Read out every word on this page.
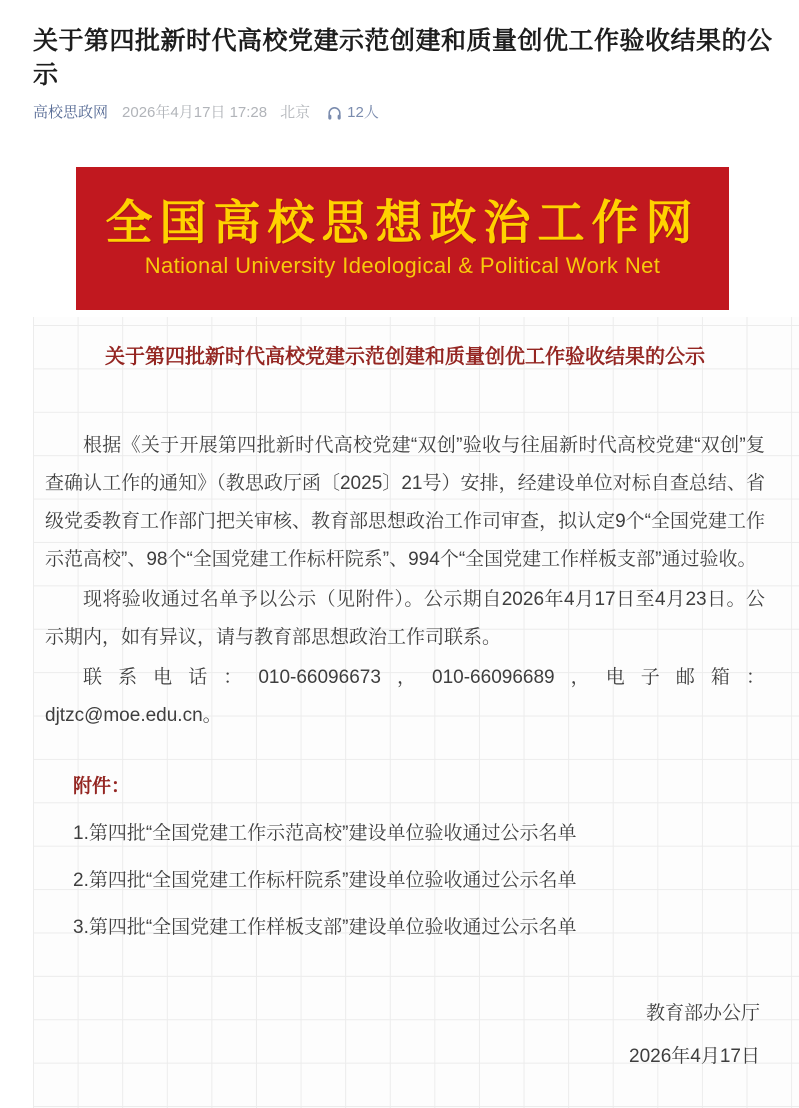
关于第四批新时代高校党建示范创建和质量创优工作验收结果的公示
高校思政网 2026年4月17日 17:28 北京 12人
全国高校思想政治工作网
National University Ideological & Political Work Net
关于第四批新时代高校党建示范创建和质量创优工作验收结果的公示

根据《关于开展第四批新时代高校党建“双创”验收与往届新时代高校党建“双创”复查确认工作的通知》（教思政厅函〔2025〕21号）安排，经建设单位对标自查总结、省级党委教育工作部门把关审核、教育部思想政治工作司审查，拟认定9个“全国党建工作示范高校”、98个“全国党建工作标杆院系”、994个“全国党建工作样板支部”通过验收。

现将验收通过名单予以公示（见附件）。公示期自2026年4月17日至4月23日。公示期内，如有异议，请与教育部思想政治工作司联系。

联系电话：010-66096673，010-66096689，电子邮箱：
djtzc@moe.edu.cn。
附件：
1.第四批“全国党建工作示范高校”建设单位验收通过公示名单
2.第四批“全国党建工作标杆院系”建设单位验收通过公示名单
3.第四批“全国党建工作样板支部”建设单位验收通过公示名单
教育部办公厅
2026年4月17日
